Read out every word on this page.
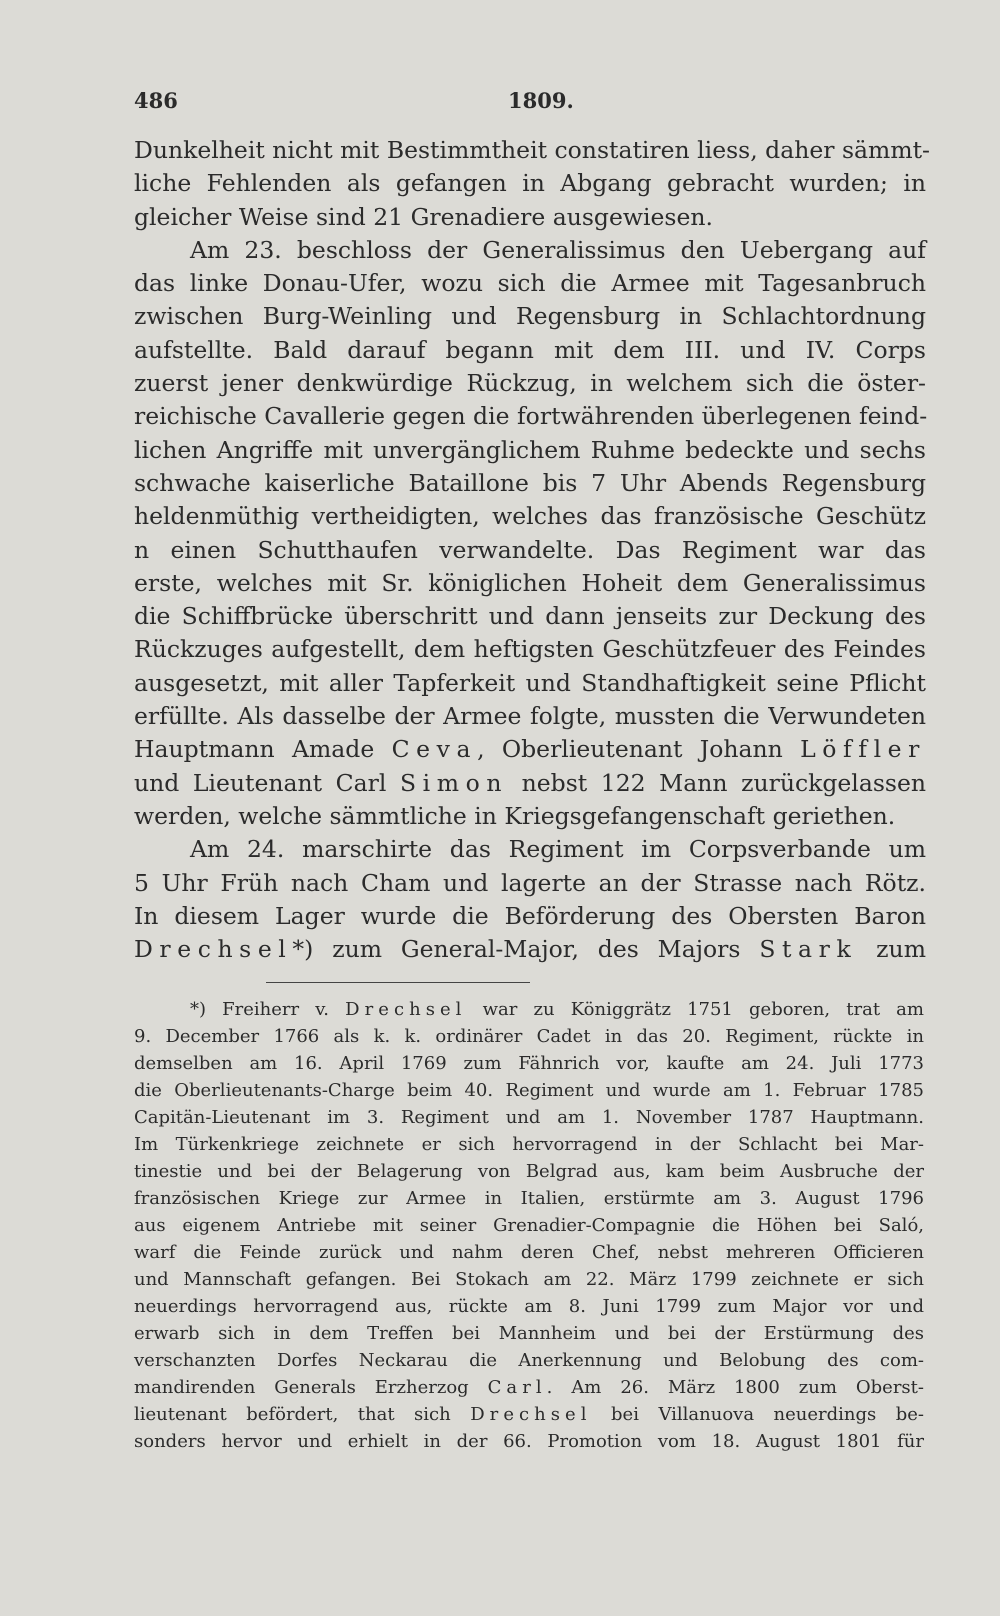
486	1809.
Dunkelheit nicht mit Bestimmtheit constatiren liess, daher sämmt-
liche Fehlenden als gefangen in Abgang gebracht wurden; in
gleicher Weise sind 21 Grenadiere ausgewiesen.
Am 23. beschloss der Generalissimus den Uebergang auf
das linke Donau-Ufer, wozu sich die Armee mit Tagesanbruch
zwischen Burg-Weinling und Regensburg in Schlachtordnung
aufstellte. Bald darauf begann mit dem III. und IV. Corps
zuerst jener denkwürdige Rückzug, in welchem sich die öster-
reichische Cavallerie gegen die fortwährenden überlegenen feind-
lichen Angriffe mit unvergänglichem Ruhme bedeckte und sechs
schwache kaiserliche Bataillone bis 7 Uhr Abends Regensburg
heldenmüthig vertheidigten, welches das französische Geschütz
n einen Schutthaufen verwandelte. Das Regiment war das
erste, welches mit Sr. königlichen Hoheit dem Generalissimus
die Schiffbrücke überschritt und dann jenseits zur Deckung des
Rückzuges aufgestellt, dem heftigsten Geschützfeuer des Feindes
ausgesetzt, mit aller Tapferkeit und Standhaftigkeit seine Pflicht
erfüllte. Als dasselbe der Armee folgte, mussten die Verwundeten
Hauptmann Amade Ceva, Oberlieutenant Johann Löffler
und Lieutenant Carl Simon nebst 122 Mann zurückgelassen
werden, welche sämmtliche in Kriegsgefangenschaft geriethen.
Am 24. marschirte das Regiment im Corpsverbande um
5 Uhr Früh nach Cham und lagerte an der Strasse nach Rötz.
In diesem Lager wurde die Beförderung des Obersten Baron
Drechsel*) zum General-Major, des Majors Stark zum
*) Freiherr v. Drechsel war zu Königgrätz 1751 geboren, trat am
9. December 1766 als k. k. ordinärer Cadet in das 20. Regiment, rückte in
demselben am 16. April 1769 zum Fähnrich vor, kaufte am 24. Juli 1773
die Oberlieutenants-Charge beim 40. Regiment und wurde am 1. Februar 1785
Capitän-Lieutenant im 3. Regiment und am 1. November 1787 Hauptmann.
Im Türkenkriege zeichnete er sich hervorragend in der Schlacht bei Mar-
tinestie und bei der Belagerung von Belgrad aus, kam beim Ausbruche der
französischen Kriege zur Armee in Italien, erstürmte am 3. August 1796
aus eigenem Antriebe mit seiner Grenadier-Compagnie die Höhen bei Saló,
warf die Feinde zurück und nahm deren Chef, nebst mehreren Officieren
und Mannschaft gefangen. Bei Stokach am 22. März 1799 zeichnete er sich
neuerdings hervorragend aus, rückte am 8. Juni 1799 zum Major vor und
erwarb sich in dem Treffen bei Mannheim und bei der Erstürmung des
verschanzten Dorfes Neckarau die Anerkennung und Belobung des com-
mandirenden Generals Erzherzog Carl. Am 26. März 1800 zum Oberst-
lieutenant befördert, that sich Drechsel bei Villanuova neuerdings be-
sonders hervor und erhielt in der 66. Promotion vom 18. August 1801 für
